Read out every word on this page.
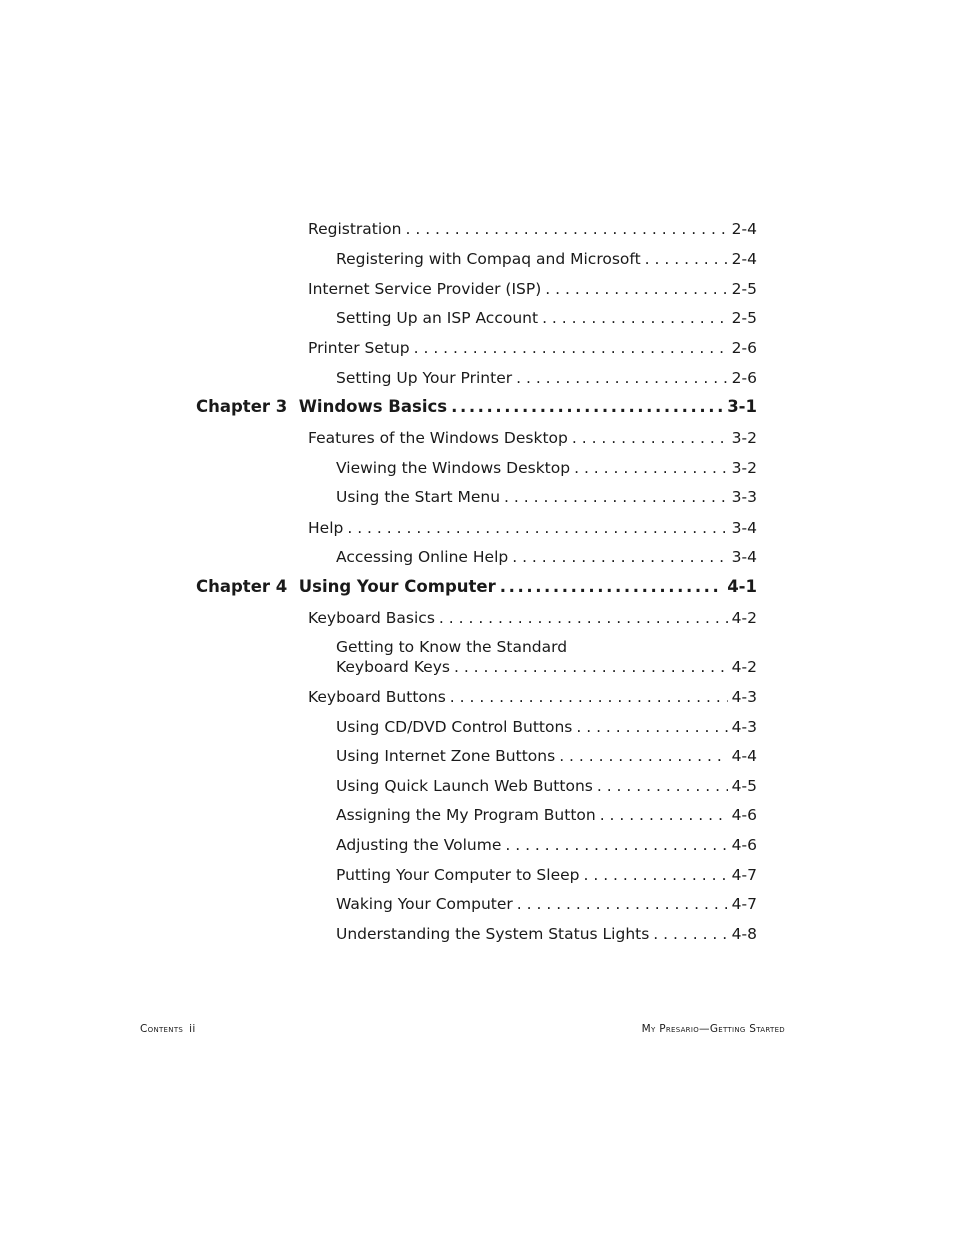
Registration . . .	2-4
Registering with Compaq and Microsoft . . .	2-4
Internet Service Provider (ISP) . . .	2-5
Setting Up an ISP Account . . .	2-5
Printer Setup . . .	2-6
Setting Up Your Printer . . .	2-6
Chapter 3  Windows Basics .....	3-1
Features of the Windows Desktop . . .	3-2
Viewing the Windows Desktop . . .	3-2
Using the Start Menu . . .	3-3
Help . . .	3-4
Accessing Online Help . . .	3-4
Chapter 4  Using Your Computer .....	4-1
Keyboard Basics . . .	4-2
Getting to Know the Standard
Keyboard Keys . . .	4-2
Keyboard Buttons . . .	4-3
Using CD/DVD Control Buttons . . .	4-3
Using Internet Zone Buttons . . .	4-4
Using Quick Launch Web Buttons . . .	4-5
Assigning the My Program Button . . .	4-6
Adjusting the Volume . . .	4-6
Putting Your Computer to Sleep . . .	4-7
Waking Your Computer . . .	4-7
Understanding the System Status Lights . . .	4-8
Contents ii	My Presario—Getting Started
